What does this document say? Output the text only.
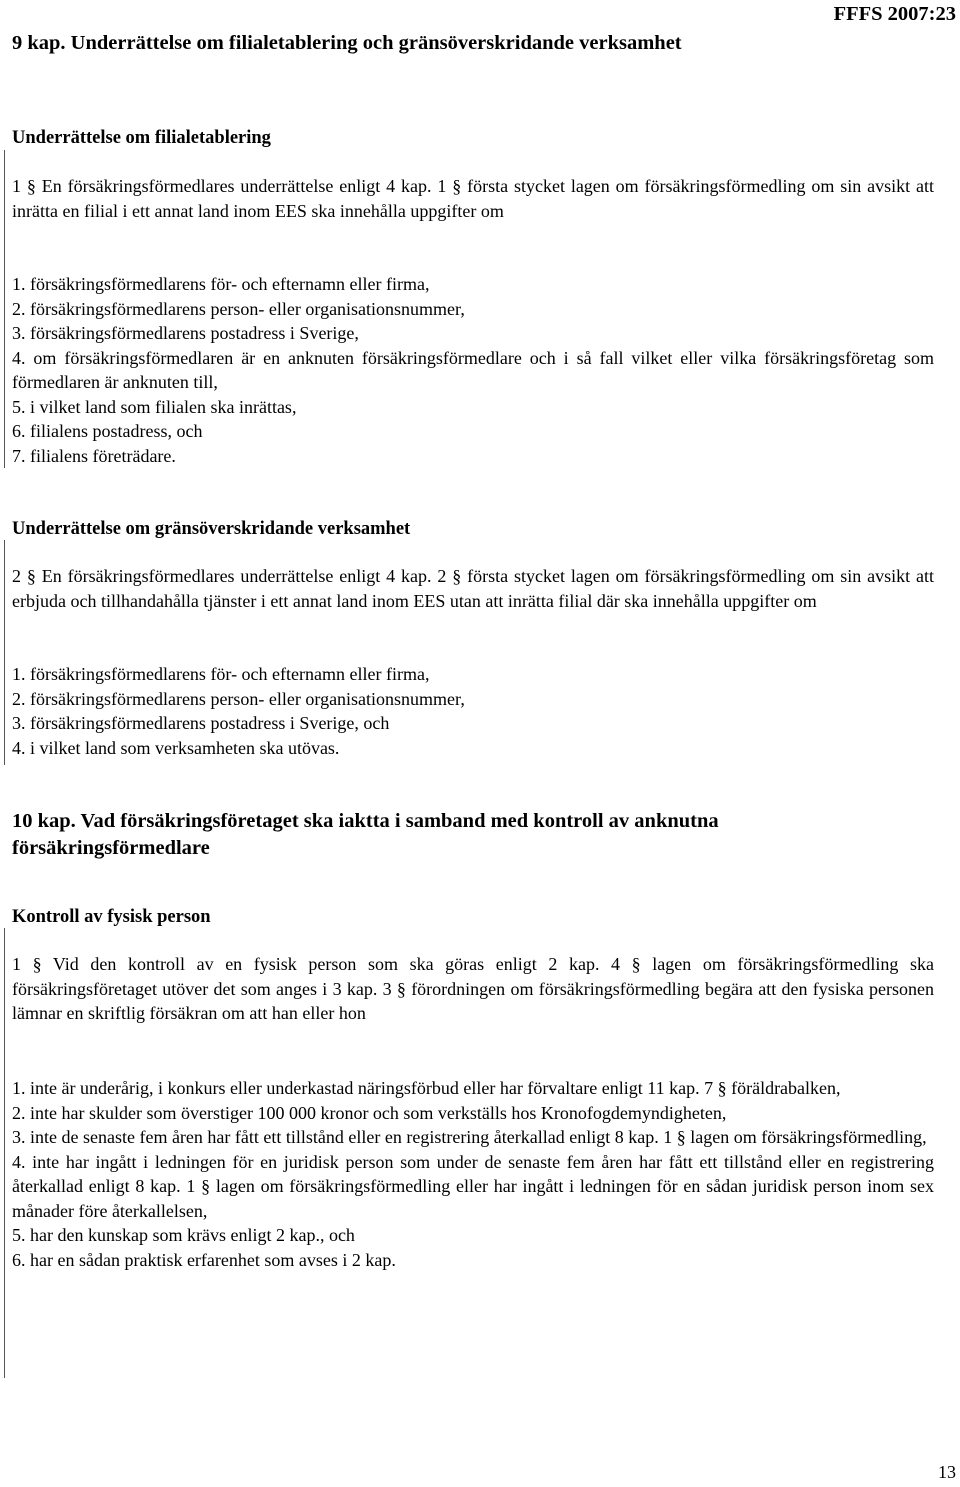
9 kap. Underrättelse om filialetablering och gränsöverskridande verksamhet
FFFS 2007:23
Underrättelse om filialetablering
1 § En försäkringsförmedlares underrättelse enligt 4 kap. 1 § första stycket lagen om försäkringsförmedling om sin avsikt att inrätta en filial i ett annat land inom EES ska innehålla uppgifter om
1. försäkringsförmedlarens för- och efternamn eller firma,
2. försäkringsförmedlarens person- eller organisationsnummer,
3. försäkringsförmedlarens postadress i Sverige,
4. om försäkringsförmedlaren är en anknuten försäkringsförmedlare och i så fall vilket eller vilka försäkringsföretag som förmedlaren är anknuten till,
5. i vilket land som filialen ska inrättas,
6. filialens postadress, och
7. filialens företrädare.
Underrättelse om gränsöverskridande verksamhet
2 § En försäkringsförmedlares underrättelse enligt 4 kap. 2 § första stycket lagen om försäkringsförmedling om sin avsikt att erbjuda och tillhandahålla tjänster i ett annat land inom EES utan att inrätta filial där ska innehålla uppgifter om
1. försäkringsförmedlarens för- och efternamn eller firma,
2. försäkringsförmedlarens person- eller organisationsnummer,
3. försäkringsförmedlarens postadress i Sverige, och
4. i vilket land som verksamheten ska utövas.
10 kap. Vad försäkringsföretaget ska iaktta i samband med kontroll av anknutna försäkringsförmedlare
Kontroll av fysisk person
1 § Vid den kontroll av en fysisk person som ska göras enligt 2 kap. 4 § lagen om försäkringsförmedling ska försäkringsföretaget utöver det som anges i 3 kap. 3 § förordningen om försäkringsförmedling begära att den fysiska personen lämnar en skriftlig försäkran om att han eller hon
1. inte är underårig, i konkurs eller underkastad näringsförbud eller har förvaltare enligt 11 kap. 7 § föräldrabalken,
2. inte har skulder som överstiger 100 000 kronor och som verkställs hos Kronofogdemyndigheten,
3. inte de senaste fem åren har fått ett tillstånd eller en registrering återkallad enligt 8 kap. 1 § lagen om försäkringsförmedling,
4. inte har ingått i ledningen för en juridisk person som under de senaste fem åren har fått ett tillstånd eller en registrering återkallad enligt 8 kap. 1 § lagen om försäkringsförmedling eller har ingått i ledningen för en sådan juridisk person inom sex månader före återkallelsen,
5. har den kunskap som krävs enligt 2 kap., och
6. har en sådan praktisk erfarenhet som avses i 2 kap.
13
